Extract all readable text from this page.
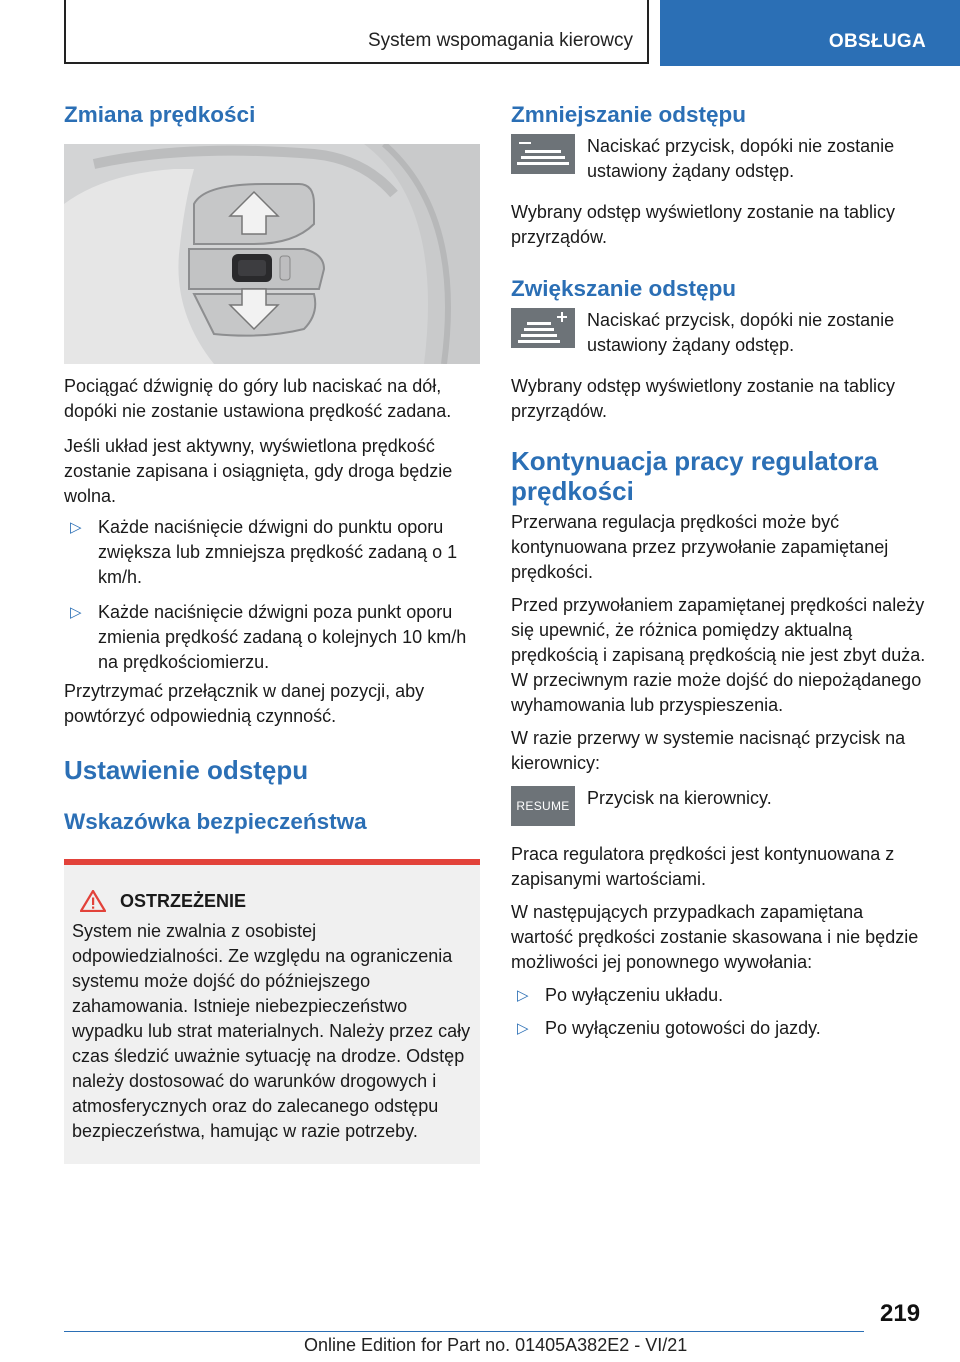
System wspomagania kierowcy	OBSŁUGA
Zmiana prędkości

Pociągać dźwignię do góry lub naciskać na dół, dopóki nie zostanie ustawiona prędkość zadana.

Jeśli układ jest aktywny, wyświetlona prędkość zostanie zapisana i osiągnięta, gdy droga będzie wolna.

▷ Każde naciśnięcie dźwigni do punktu oporu zwiększa lub zmniejsza prędkość zadaną o 1 km/h.
▷ Każde naciśnięcie dźwigni poza punkt oporu zmienia prędkość zadaną o kolejnych 10 km/h na prędkościomierzu.

Przytrzymać przełącznik w danej pozycji, aby powtórzyć odpowiednią czynność.

Ustawienie odstępu
Wskazówka bezpieczeństwa
OSTRZEŻENIE

System nie zwalnia z osobistej odpowiedzialności. Ze względu na ograniczenia systemu może dojść do późniejszego zahamowania. Istnieje niebezpieczeństwo wypadku lub strat materialnych. Należy przez cały czas śledzić uważnie sytuację na drodze. Odstęp należy dostosować do warunków drogowych i atmosferycznych oraz do zalecanego odstępu bezpieczeństwa, hamując w razie potrzeby.

Zmniejszanie odstępu

Naciskać przycisk, dopóki nie zostanie ustawiony żądany odstęp.

Wybrany odstęp wyświetlony zostanie na tablicy przyrządów.

Zwiększanie odstępu

Naciskać przycisk, dopóki nie zostanie ustawiony żądany odstęp.

Wybrany odstęp wyświetlony zostanie na tablicy przyrządów.

Kontynuacja pracy regulatora prędkości

Przerwana regulacja prędkości może być kontynuowana przez przywołanie zapamiętanej prędkości.

Przed przywołaniem zapamiętanej prędkości należy się upewnić, że różnica pomiędzy aktualną prędkością i zapisaną prędkością nie jest zbyt duża. W przeciwnym razie może dojść do niepożądanego wyhamowania lub przyspieszenia.

W razie przerwy w systemie nacisnąć przycisk na kierownicy:

RESUME Przycisk na kierownicy.

Praca regulatora prędkości jest kontynuowana z zapisanymi wartościami.

W następujących przypadkach zapamiętana wartość prędkości zostanie skasowana i nie będzie możliwości jej ponownego wywołania:

▷ Po wyłączeniu układu.
▷ Po wyłączeniu gotowości do jazdy.
219
Online Edition for Part no. 01405A382E2 - VI/21
